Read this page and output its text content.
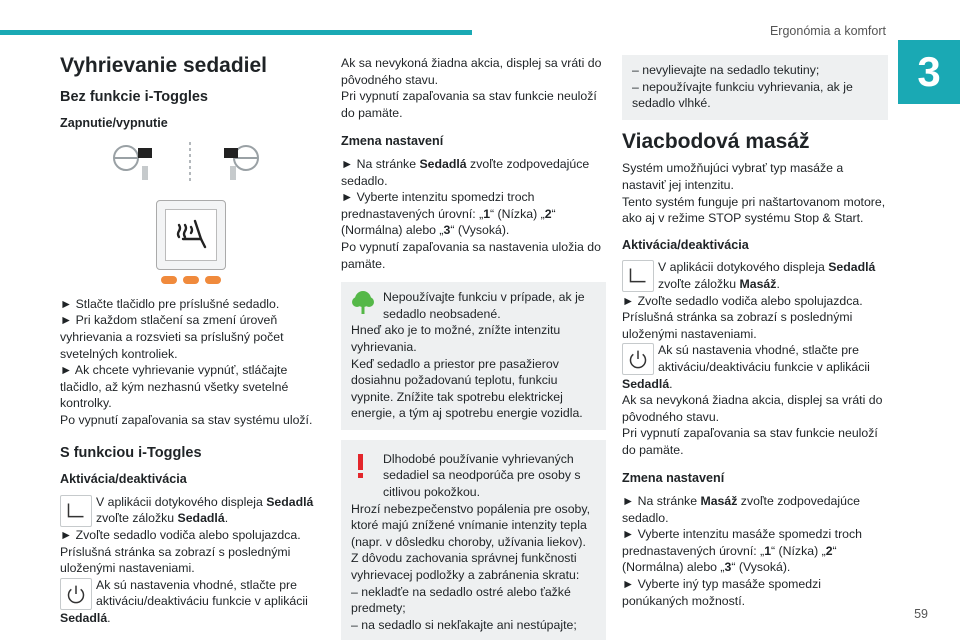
Ergonómia a komfort
3
59
Vyhrievanie sedadiel
Bez funkcie i-Toggles
Zapnutie/vypnutie

► Stlačte tlačidlo pre príslušné sedadlo.
► Pri každom stlačení sa zmení úroveň vyhrievania a rozsvieti sa príslušný počet svetelných kontroliek.
► Ak chcete vyhrievanie vypnúť, stláčajte tlačidlo, až kým nezhasnú všetky svetelné kontrolky.
Po vypnutí zapaľovania sa stav systému uloží.

S funkciou i-Toggles
Aktivácia/deaktivácia
V aplikácii dotykového displeja Sedadlá zvoľte záložku Sedadlá.

► Zvoľte sedadlo vodiča alebo spolujazdca.
Príslušná stránka sa zobrazí s poslednými uloženými nastaveniami.

Ak sú nastavenia vhodné, stlačte pre aktiváciu/deaktiváciu funkcie v aplikácii

Sedadlá.

Ak sa nevykoná žiadna akcia, displej sa vráti do pôvodného stavu.
Pri vypnutí zapaľovania sa stav funkcie neuloží do pamäte.

Zmena nastavení

► Na stránke Sedadlá zvoľte zodpovedajúce sedadlo.
► Vyberte intenzitu spomedzi troch prednastavených úrovní: „1“ (Nízka) „2“ (Normálna) alebo „3“ (Vysoká).
Po vypnutí zapaľovania sa nastavenia uložia do pamäte.

Nepoužívajte funkciu v prípade, ak je sedadlo neobsadené.
Hneď ako je to možné, znížte intenzitu vyhrievania.
Keď sedadlo a priestor pre pasažierov dosiahnu požadovanú teplotu, funkciu vypnite. Znížite tak spotrebu elektrickej energie, a tým aj spotrebu energie vozidla.
Dlhodobé používanie vyhrievaných sedadiel sa neodporúča pre osoby s citlivou pokožkou.
Hrozí nebezpečenstvo popálenia pre osoby, ktoré majú znížené vnímanie intenzity tepla (napr. v dôsledku choroby, užívania liekov).
Z dôvodu zachovania správnej funkčnosti vyhrievacej podložky a zabránenia skratu:
– nekladťe na sedadlo ostré alebo ťažké predmety;
– na sedadlo si nekľakajte ani nestúpajte;
– nevylievajte na sedadlo tekutiny;
– nepoužívajte funkciu vyhrievania, ak je sedadlo vlhké.
Viacbodová masáž

Systém umožňujúci vybrať typ masáže a nastaviť jej intenzitu.
Tento systém funguje pri naštartovanom motore, ako aj v režime STOP systému Stop & Start.

Aktivácia/deaktivácia
V aplikácii dotykového displeja Sedadlá zvoľte záložku Masáž.

► Zvoľte sedadlo vodiča alebo spolujazdca.
Príslušná stránka sa zobrazí s poslednými uloženými nastaveniami.

Ak sú nastavenia vhodné, stlačte pre aktiváciu/deaktiváciu funkcie v aplikácii

Sedadlá.
Ak sa nevykoná žiadna akcia, displej sa vráti do pôvodného stavu.
Pri vypnutí zapaľovania sa stav funkcie neuloží do pamäte.

Zmena nastavení

► Na stránke Masáž zvoľte zodpovedajúce sedadlo.
► Vyberte intenzitu masáže spomedzi troch prednastavených úrovní: „1“ (Nízka) „2“ (Normálna) alebo „3“ (Vysoká).
► Vyberte iný typ masáže spomedzi ponúkaných možností.
